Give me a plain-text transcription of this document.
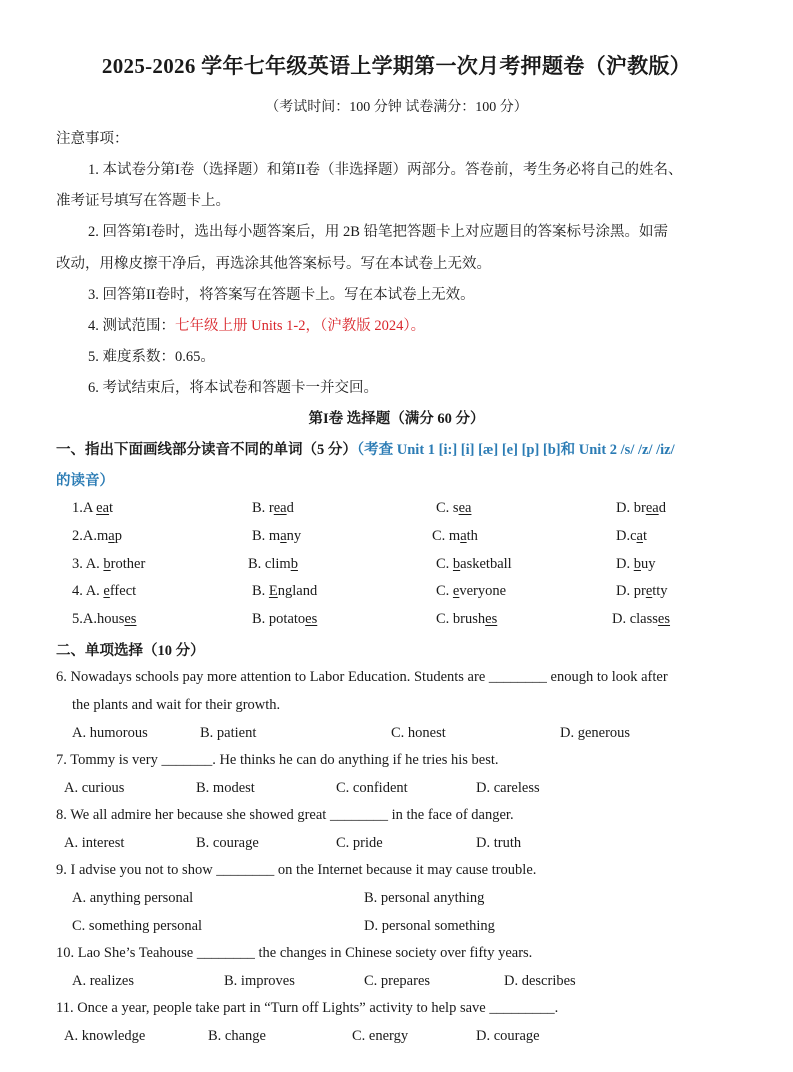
2025-2026 学年七年级英语上学期第一次月考押题卷（沪教版）
（考试时间：100 分钟 试卷满分：100 分）
注意事项：
1. 本试卷分第I卷（选择题）和第II卷（非选择题）两部分。答卷前，考生务必将自己的姓名、
准考证号填写在答题卡上。
2. 回答第I卷时，选出每小题答案后，用 2B 铅笔把答题卡上对应题目的答案标号涂黑。如需
改动，用橡皮擦干净后，再选涂其他答案标号。写在本试卷上无效。
3. 回答第II卷时，将答案写在答题卡上。写在本试卷上无效。
4. 测试范围：七年级上册 Units 1-2，（沪教版 2024）。
5. 难度系数：0.65。
6. 考试结束后，将本试卷和答题卡一并交回。
第I卷 选择题（满分 60 分）
一、指出下面画线部分读音不同的单词（5 分）（考查 Unit 1 [i:] [i] [æ] [e] [p] [b]和 Unit 2 /s/ /z/ /iz/
的读音）
1.A eat	B. read	C. sea	D. bread
2.A.map	B. many	C. math	D.cat
3. A. brother	B. climb	C. basketball	D. buy
4. A. effect	B. England	C. everyone	D. pretty
5.A.houses	B. potatoes	C. brushes	D. classes
二、单项选择（10 分）
6. Nowadays schools pay more attention to Labor Education. Students are ________ enough to look after
the plants and wait for their growth.
A. humorous	B. patient	C. honest	D. generous
7. Tommy is very _______. He thinks he can do anything if he tries his best.
A. curious	B. modest	C. confident	D. careless
8. We all admire her because she showed great ________ in the face of danger.
A. interest	B. courage	C. pride	D. truth
9. I advise you not to show ________ on the Internet because it may cause trouble.
A. anything personal	B. personal anything
C. something personal	D. personal something
10. Lao She’s Teahouse ________ the changes in Chinese society over fifty years.
A. realizes	B. improves	C. prepares	D. describes
11. Once a year, people take part in “Turn off Lights” activity to help save _________.
A. knowledge	B. change	C. energy	D. courage
